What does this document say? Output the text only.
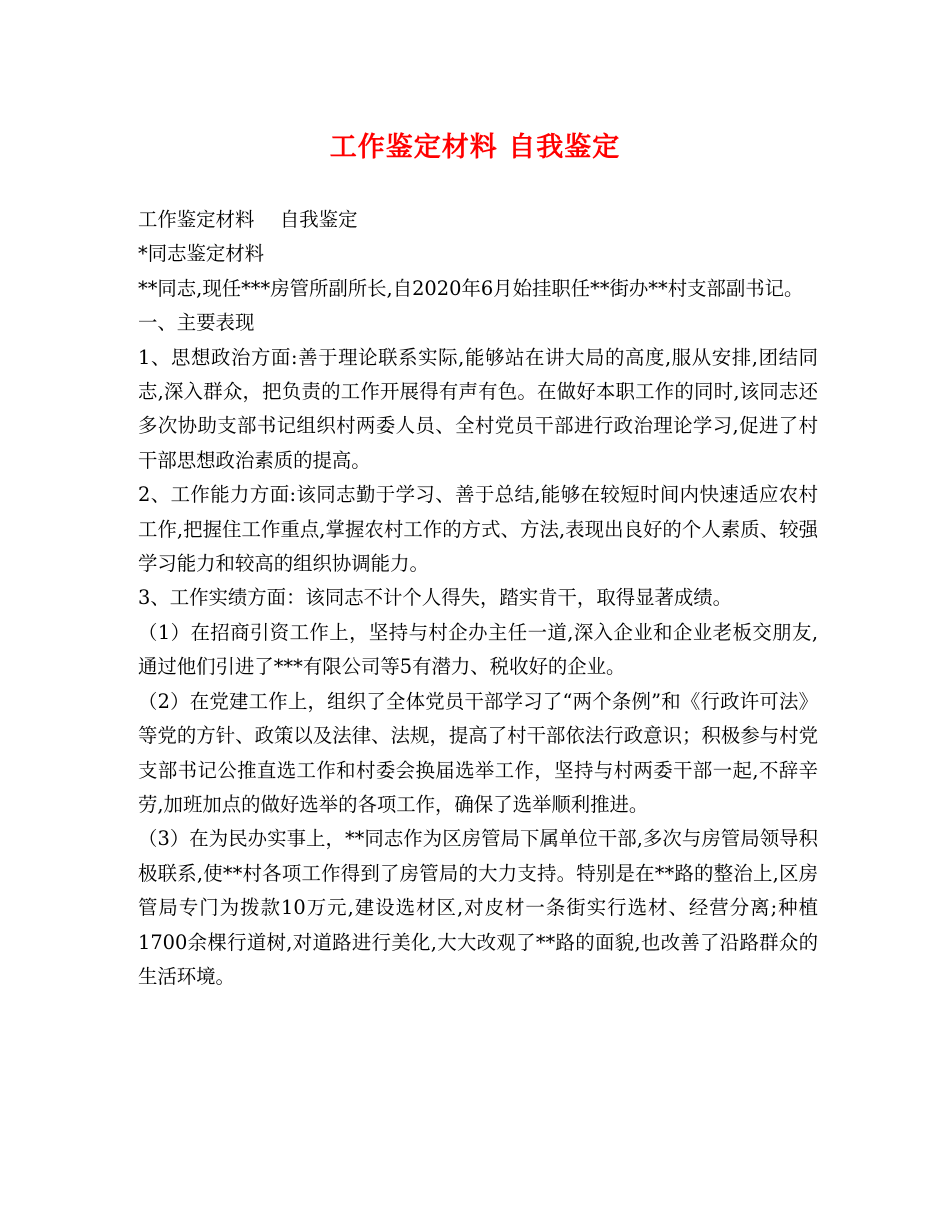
工作鉴定材料 自我鉴定

工作鉴定材料　 自我鉴定

*同志鉴定材料

**同志,现任***房管所副所长,自2020年6月始挂职任**街办**村支部副书记。

一、主要表现

1、思想政治方面:善于理论联系实际,能够站在讲大局的高度,服从安排,团结同志,深入群众，把负责的工作开展得有声有色。在做好本职工作的同时,该同志还多次协助支部书记组织村两委人员、全村党员干部进行政治理论学习,促进了村干部思想政治素质的提高。

2、工作能力方面:该同志勤于学习、善于总结,能够在较短时间内快速适应农村工作,把握住工作重点,掌握农村工作的方式、方法,表现出良好的个人素质、较强学习能力和较高的组织协调能力。

3、工作实绩方面：该同志不计个人得失，踏实肯干，取得显著成绩。

（1）在招商引资工作上，坚持与村企办主任一道,深入企业和企业老板交朋友,通过他们引进了***有限公司等5有潜力、税收好的企业。

（2）在党建工作上，组织了全体党员干部学习了“两个条例”和《行政许可法》等党的方针、政策以及法律、法规，提高了村干部依法行政意识；积极参与村党支部书记公推直选工作和村委会换届选举工作，坚持与村两委干部一起,不辞辛劳,加班加点的做好选举的各项工作，确保了选举顺利推进。

（3）在为民办实事上，**同志作为区房管局下属单位干部,多次与房管局领导积极联系,使**村各项工作得到了房管局的大力支持。特别是在**路的整治上,区房管局专门为拨款10万元,建设选材区,对皮材一条街实行选材、经营分离;种植1700余棵行道树,对道路进行美化,大大改观了**路的面貌,也改善了沿路群众的生活环境。
